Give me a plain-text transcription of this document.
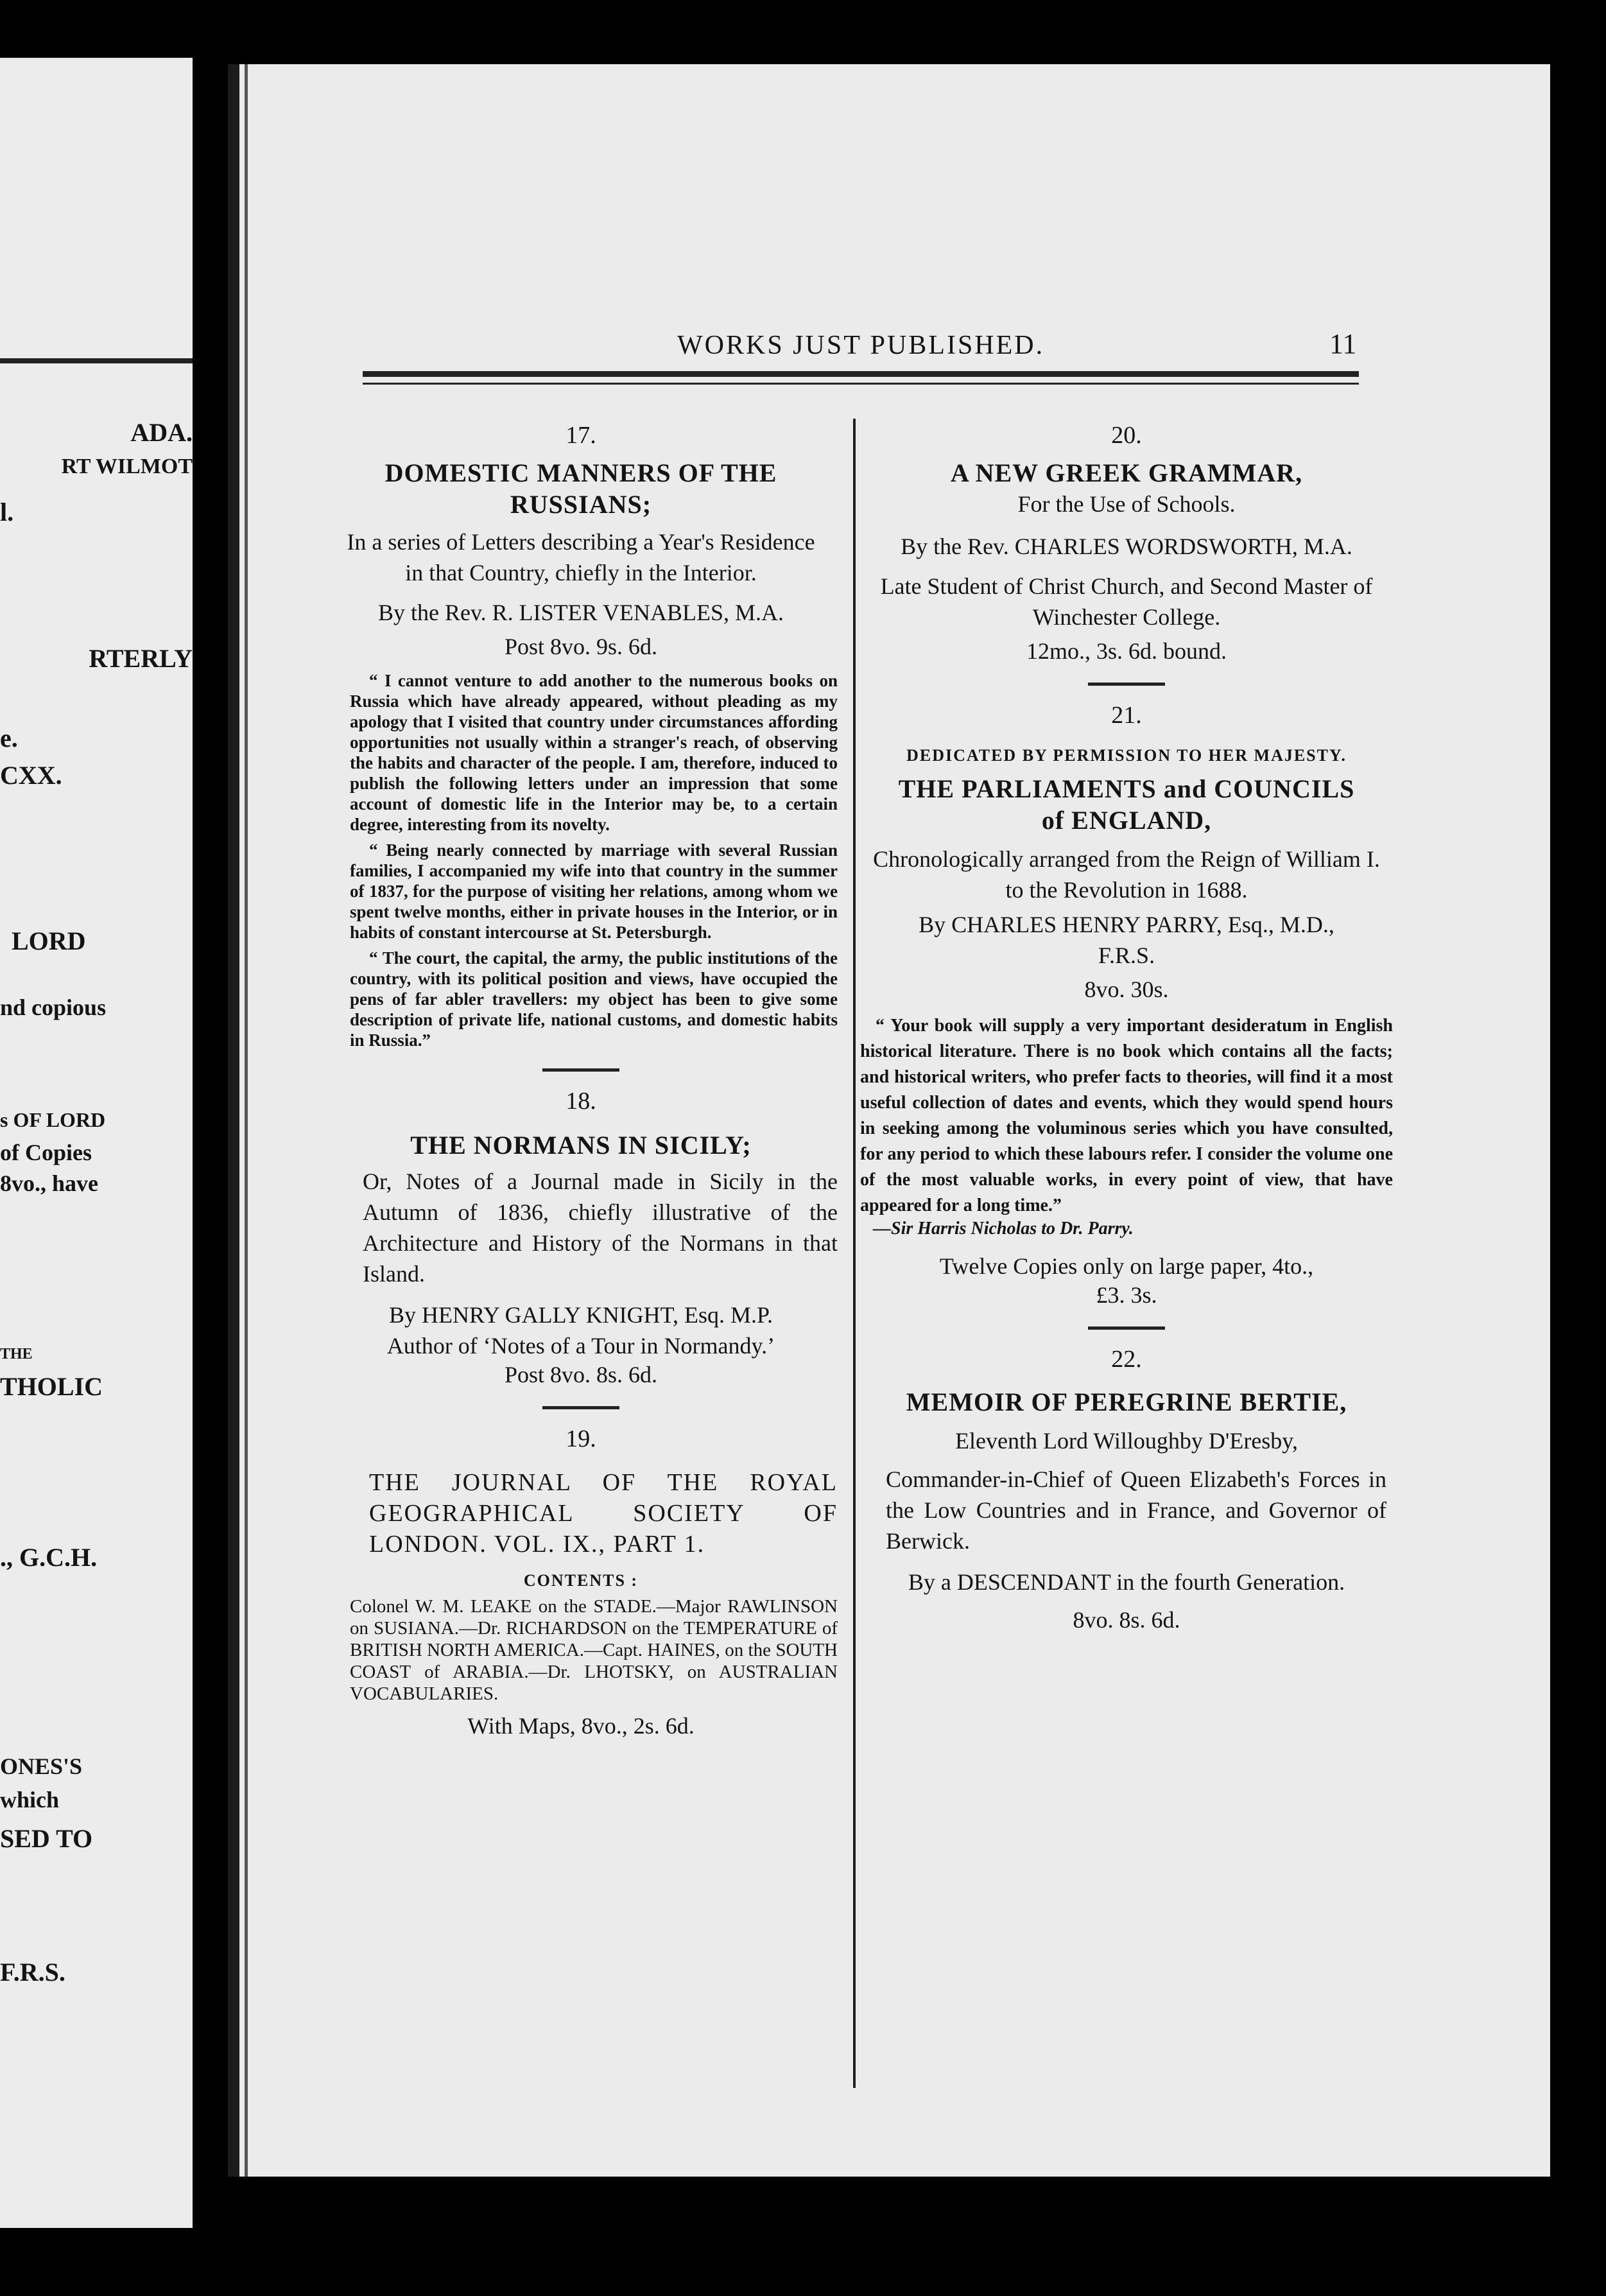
ADA.
RT WILMOT
l.
RTERLY
e.
CXX.
LORD
nd copious
s OF LORD
of Copies
8vo., have
THE
THOLIC
., G.C.H.
ONES'S
which
SED TO
F.R.S.
WORKS JUST PUBLISHED.	11

17.

DOMESTIC MANNERS OF THE RUSSIANS;

In a series of Letters describing a Year's Residence in that Country, chiefly in the Interior.

By the Rev. R. LISTER VENABLES, M.A.

Post 8vo. 9s. 6d.

“ I cannot venture to add another to the numerous books on Russia which have already appeared, without pleading as my apology that I visited that country under circumstances affording opportunities not usually within a stranger's reach, of observing the habits and character of the people. I am, therefore, induced to publish the following letters under an impression that some account of domestic life in the Interior may be, to a certain degree, interesting from its novelty.

“ Being nearly connected by marriage with several Russian families, I accompanied my wife into that country in the summer of 1837, for the purpose of visiting her relations, among whom we spent twelve months, either in private houses in the Interior, or in habits of constant intercourse at St. Petersburgh.

“ The court, the capital, the army, the public institutions of the country, with its political position and views, have occupied the pens of far abler travellers: my object has been to give some description of private life, national customs, and domestic habits in Russia.”

18.

THE NORMANS IN SICILY;

Or, Notes of a Journal made in Sicily in the Autumn of 1836, chiefly illustrative of the Architecture and History of the Normans in that Island.

By HENRY GALLY KNIGHT, Esq. M.P.

Author of ‘Notes of a Tour in Normandy.’

Post 8vo. 8s. 6d.

19.

THE JOURNAL OF THE ROYAL GEOGRAPHICAL SOCIETY OF LONDON. VOL. IX., PART 1.

CONTENTS :

Colonel W. M. LEAKE on the STADE.—Major RAWLINSON on SUSIANA.—Dr. RICHARDSON on the TEMPERATURE of BRITISH NORTH AMERICA.—Capt. HAINES, on the SOUTH COAST of ARABIA.—Dr. LHOTSKY, on AUSTRALIAN VOCABULARIES.

With Maps, 8vo., 2s. 6d.

20.

A NEW GREEK GRAMMAR,

For the Use of Schools.

By the Rev. CHARLES WORDSWORTH, M.A.

Late Student of Christ Church, and Second Master of Winchester College.

12mo., 3s. 6d. bound.

21.

DEDICATED BY PERMISSION TO HER MAJESTY.

THE PARLIAMENTS and COUNCILS of ENGLAND,

Chronologically arranged from the Reign of William I. to the Revolution in 1688.

By CHARLES HENRY PARRY, Esq., M.D., F.R.S.

8vo. 30s.

“ Your book will supply a very important desideratum in English historical literature. There is no book which contains all the facts; and historical writers, who prefer facts to theories, will find it a most useful collection of dates and events, which they would spend hours in seeking among the voluminous series which you have consulted, for any period to which these labours refer. I consider the volume one of the most valuable works, in every point of view, that have appeared for a long time.”

—Sir Harris Nicholas to Dr. Parry.

Twelve Copies only on large paper, 4to.,

£3. 3s.

22.

MEMOIR OF PEREGRINE BERTIE,

Eleventh Lord Willoughby D'Eresby,

Commander-in-Chief of Queen Elizabeth's Forces in the Low Countries and in France, and Governor of Berwick.

By a DESCENDANT in the fourth Generation.

8vo. 8s. 6d.
